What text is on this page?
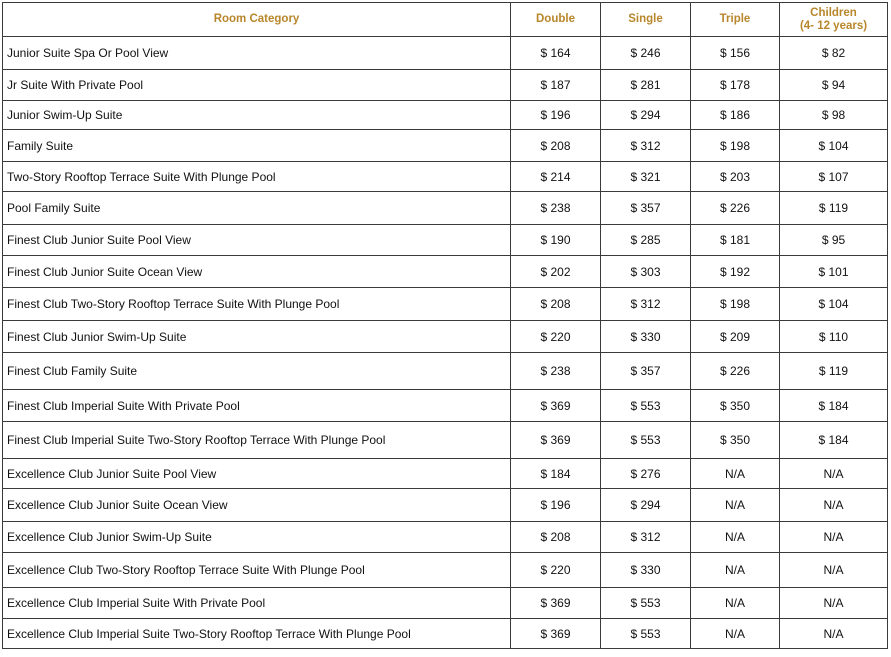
Room Category	Double	Single	Triple	Children
(4- 12 years)
Junior Suite Spa Or Pool View	$ 164	$ 246	$ 156	$ 82
Jr Suite With Private Pool	$ 187	$ 281	$ 178	$ 94
Junior Swim-Up Suite	$ 196	$ 294	$ 186	$ 98
Family Suite	$ 208	$ 312	$ 198	$ 104
Two-Story Rooftop Terrace Suite With Plunge Pool	$ 214	$ 321	$ 203	$ 107
Pool Family Suite	$ 238	$ 357	$ 226	$ 119
Finest Club Junior Suite Pool View	$ 190	$ 285	$ 181	$ 95
Finest Club Junior Suite Ocean View	$ 202	$ 303	$ 192	$ 101
Finest Club Two-Story Rooftop Terrace Suite With Plunge Pool	$ 208	$ 312	$ 198	$ 104
Finest Club Junior Swim-Up Suite	$ 220	$ 330	$ 209	$ 110
Finest Club Family Suite	$ 238	$ 357	$ 226	$ 119
Finest Club Imperial Suite With Private Pool	$ 369	$ 553	$ 350	$ 184
Finest Club Imperial Suite Two-Story Rooftop Terrace With Plunge Pool	$ 369	$ 553	$ 350	$ 184
Excellence Club Junior Suite Pool View	$ 184	$ 276	N/A	N/A
Excellence Club Junior Suite Ocean View	$ 196	$ 294	N/A	N/A
Excellence Club Junior Swim-Up Suite	$ 208	$ 312	N/A	N/A
Excellence Club Two-Story Rooftop Terrace Suite With Plunge Pool	$ 220	$ 330	N/A	N/A
Excellence Club Imperial Suite With Private Pool	$ 369	$ 553	N/A	N/A
Excellence Club Imperial Suite Two-Story Rooftop Terrace With Plunge Pool	$ 369	$ 553	N/A	N/A
